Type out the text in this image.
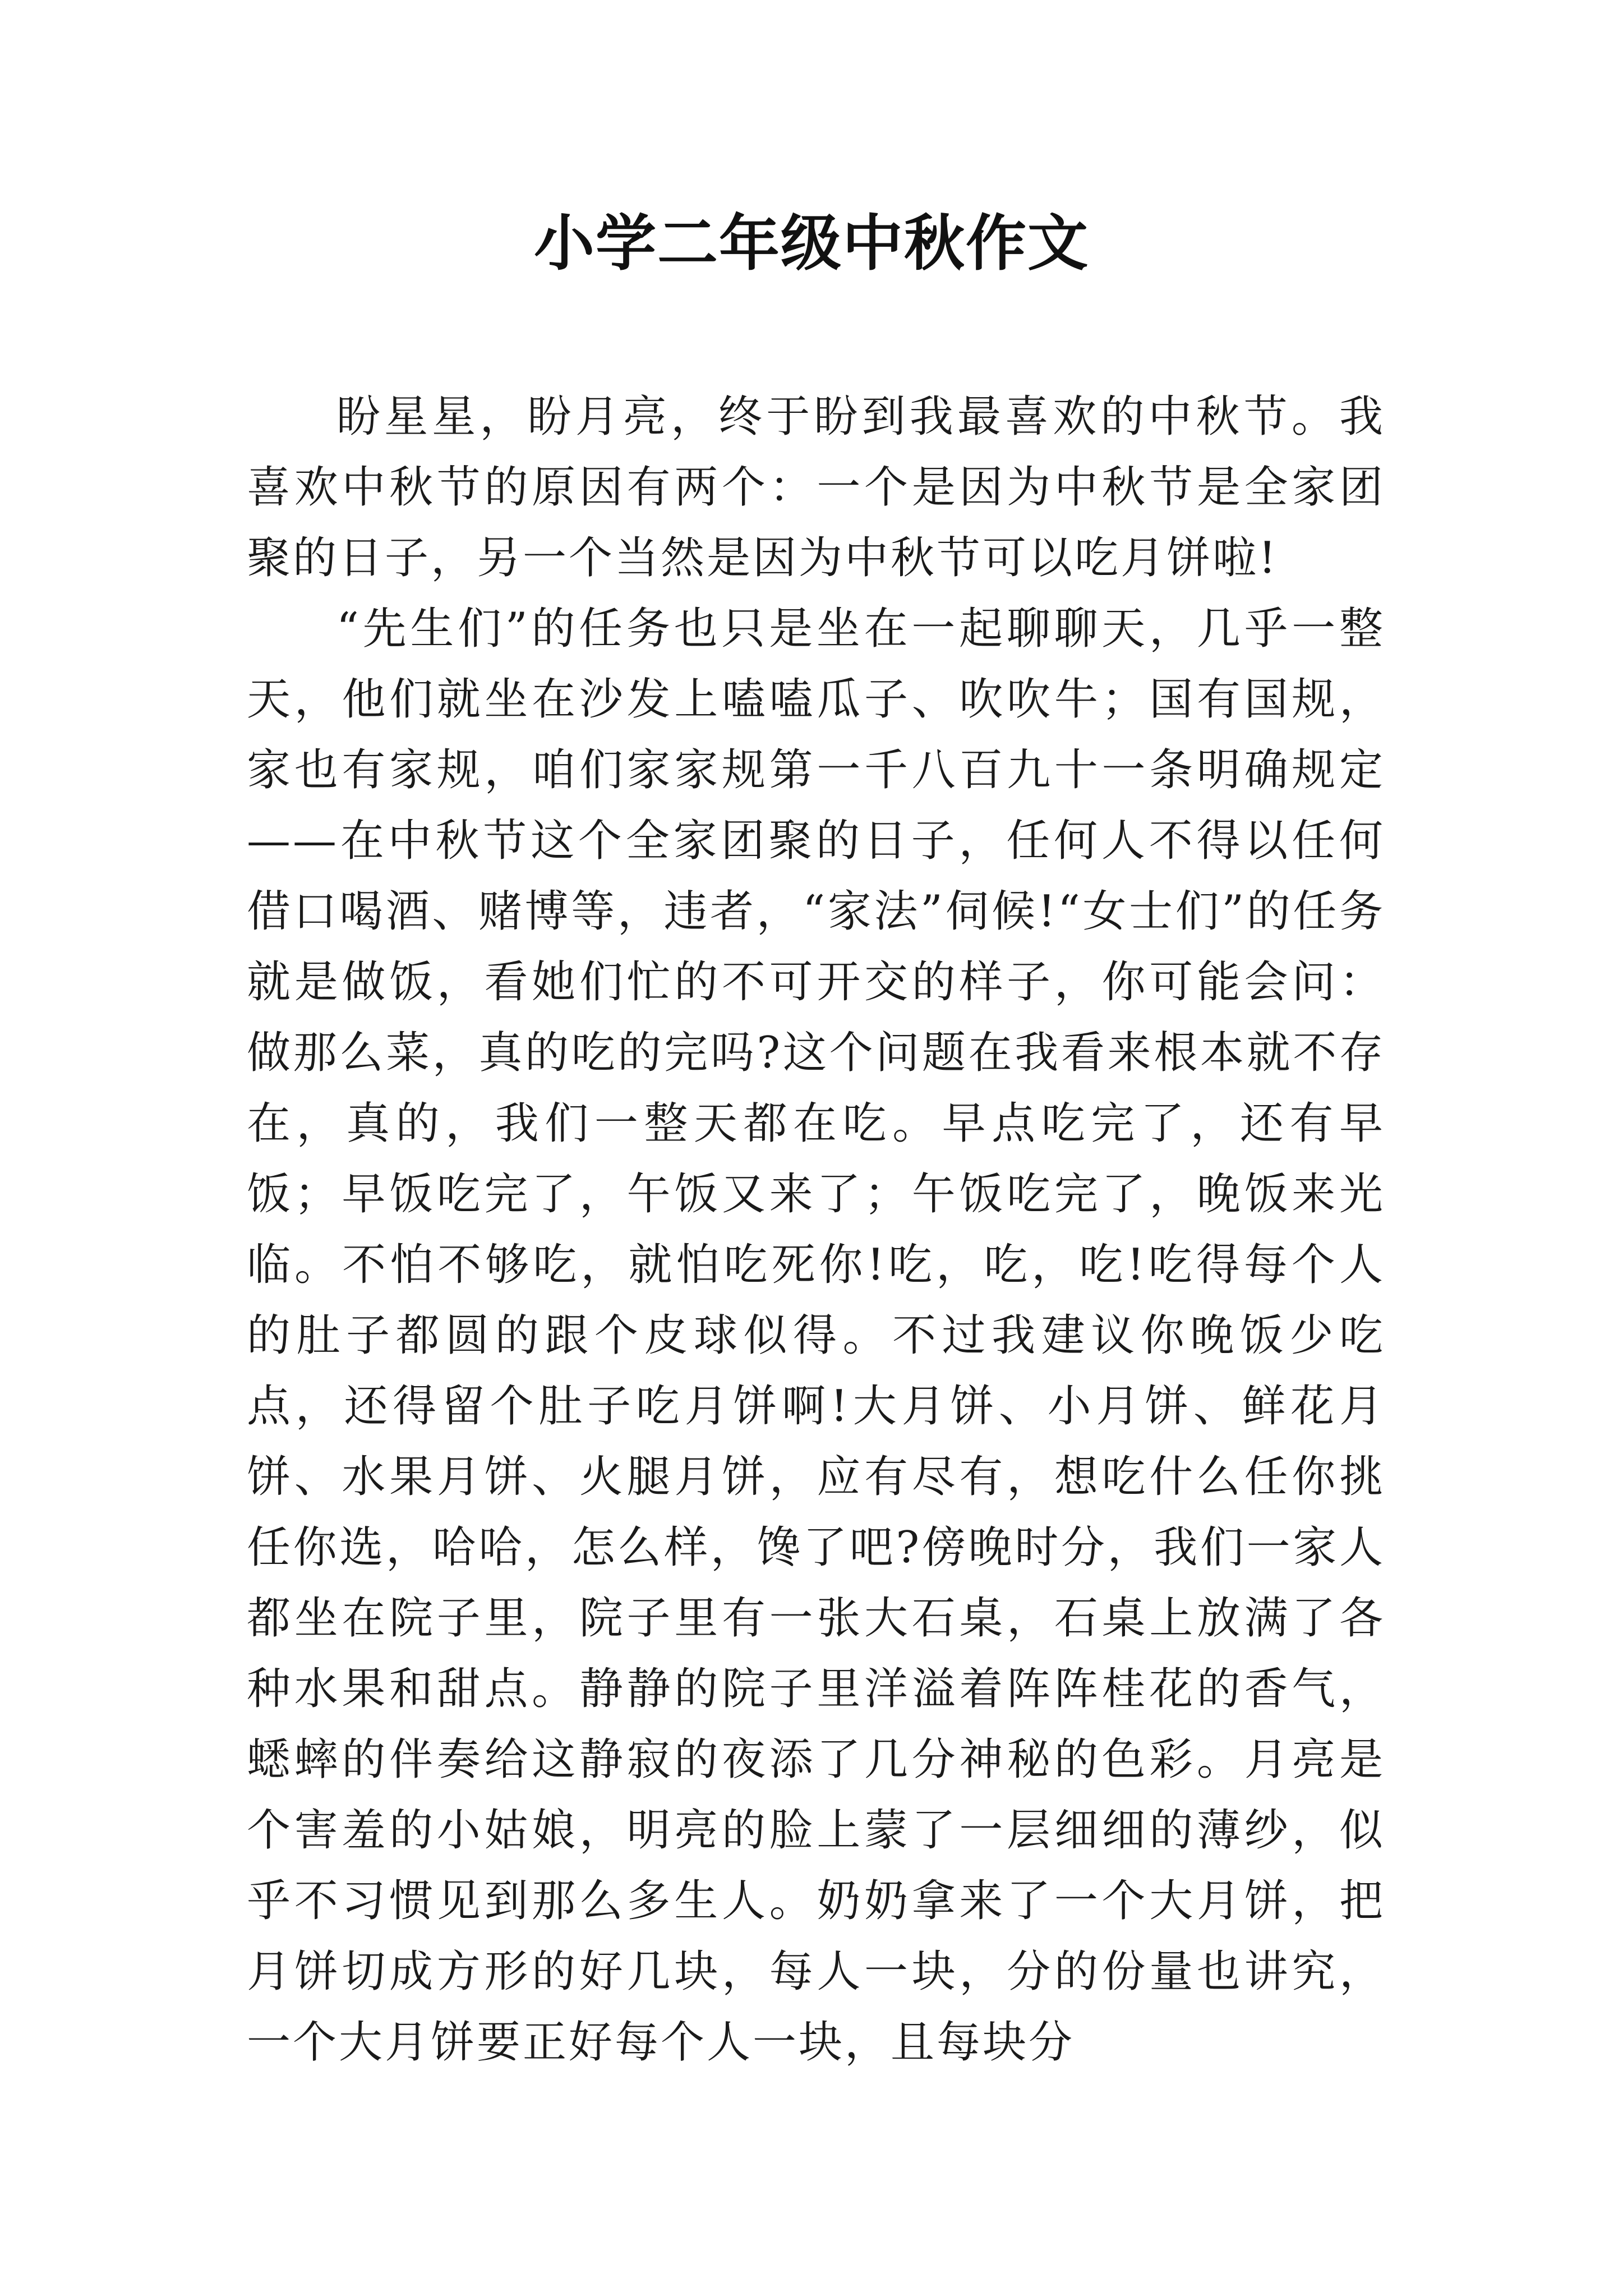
小学二年级中秋作文

盼星星，盼月亮，终于盼到我最喜欢的中秋节。我喜欢中秋节的原因有两个：一个是因为中秋节是全家团聚的日子，另一个当然是因为中秋节可以吃月饼啦!

“先生们”的任务也只是坐在一起聊聊天，几乎一整天，他们就坐在沙发上嗑嗑瓜子、吹吹牛；国有国规，家也有家规，咱们家家规第一千八百九十一条明确规定——在中秋节这个全家团聚的日子，任何人不得以任何借口喝酒、赌博等，违者，“家法”伺候!“女士们”的任务就是做饭，看她们忙的不可开交的样子，你可能会问：做那么菜，真的吃的完吗?这个问题在我看来根本就不存在，真的，我们一整天都在吃。早点吃完了，还有早饭；早饭吃完了，午饭又来了；午饭吃完了，晚饭来光临。不怕不够吃，就怕吃死你!吃，吃，吃!吃得每个人的肚子都圆的跟个皮球似得。不过我建议你晚饭少吃点，还得留个肚子吃月饼啊!大月饼、小月饼、鲜花月饼、水果月饼、火腿月饼，应有尽有，想吃什么任你挑任你选，哈哈，怎么样，馋了吧?傍晚时分，我们一家人都坐在院子里，院子里有一张大石桌，石桌上放满了各种水果和甜点。静静的院子里洋溢着阵阵桂花的香气，蟋蟀的伴奏给这静寂的夜添了几分神秘的色彩。月亮是个害羞的小姑娘，明亮的脸上蒙了一层细细的薄纱，似乎不习惯见到那么多生人。奶奶拿来了一个大月饼，把月饼切成方形的好几块，每人一块，分的份量也讲究，一个大月饼要正好每个人一块，且每块分
